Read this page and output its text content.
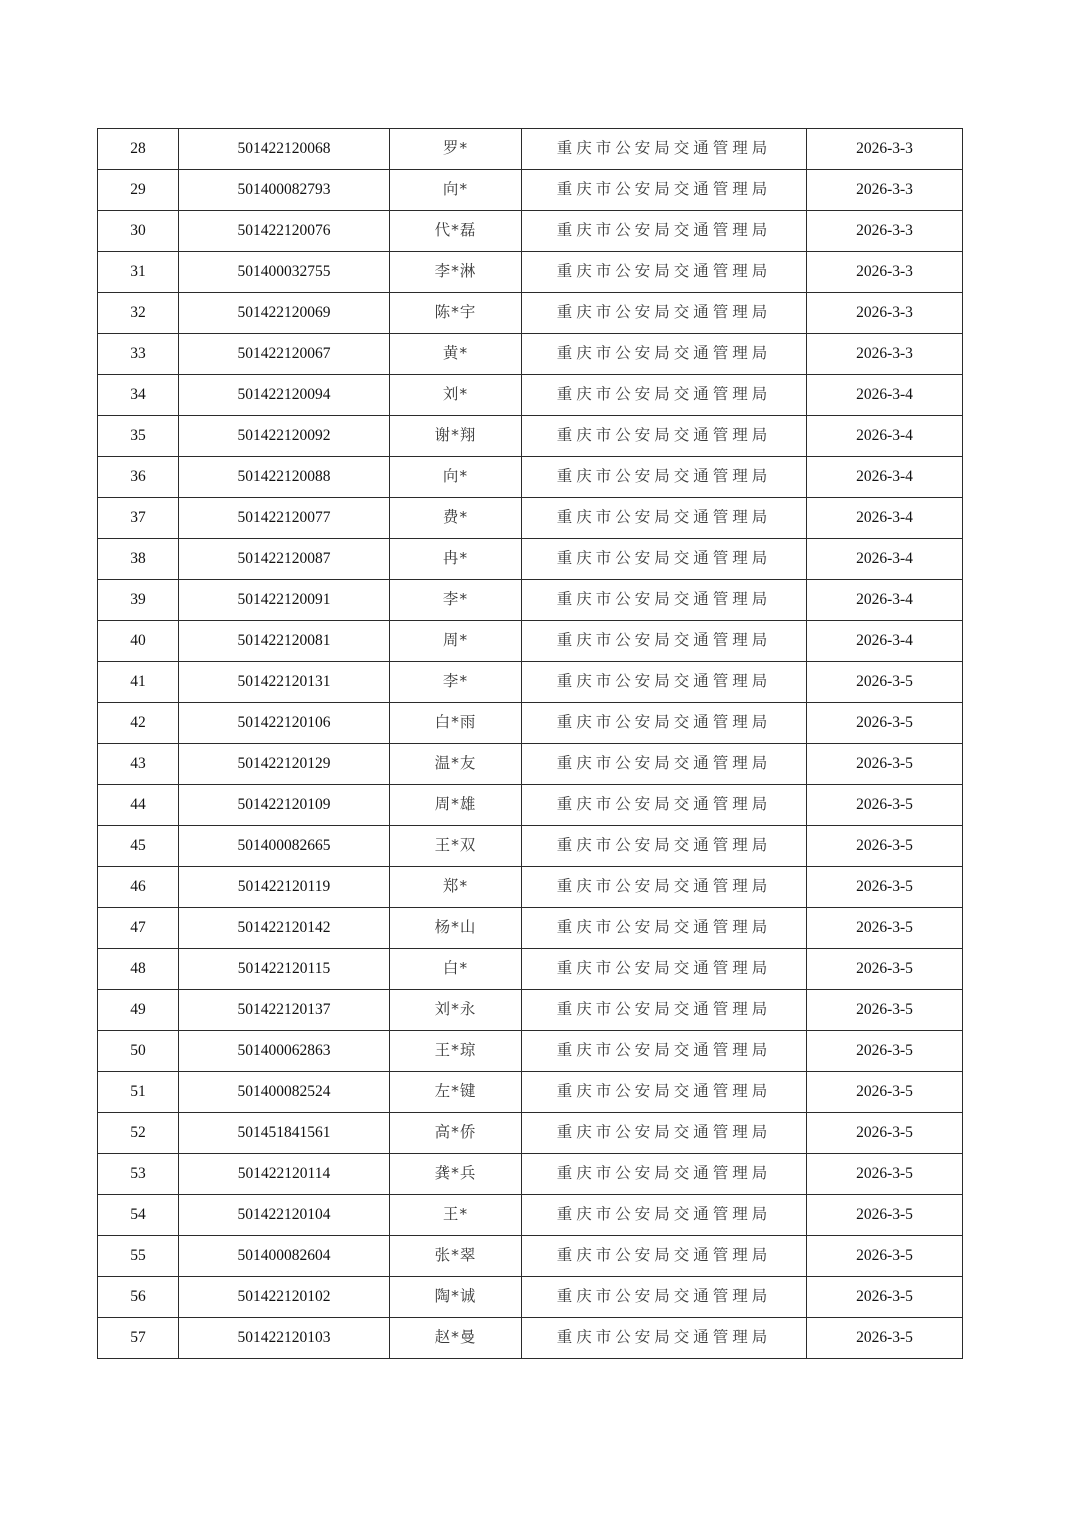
28	501422120068	罗*	重庆市公安局交通管理局	2026-3-3
29	501400082793	向*	重庆市公安局交通管理局	2026-3-3
30	501422120076	代*磊	重庆市公安局交通管理局	2026-3-3
31	501400032755	李*淋	重庆市公安局交通管理局	2026-3-3
32	501422120069	陈*宇	重庆市公安局交通管理局	2026-3-3
33	501422120067	黄*	重庆市公安局交通管理局	2026-3-3
34	501422120094	刘*	重庆市公安局交通管理局	2026-3-4
35	501422120092	谢*翔	重庆市公安局交通管理局	2026-3-4
36	501422120088	向*	重庆市公安局交通管理局	2026-3-4
37	501422120077	费*	重庆市公安局交通管理局	2026-3-4
38	501422120087	冉*	重庆市公安局交通管理局	2026-3-4
39	501422120091	李*	重庆市公安局交通管理局	2026-3-4
40	501422120081	周*	重庆市公安局交通管理局	2026-3-4
41	501422120131	李*	重庆市公安局交通管理局	2026-3-5
42	501422120106	白*雨	重庆市公安局交通管理局	2026-3-5
43	501422120129	温*友	重庆市公安局交通管理局	2026-3-5
44	501422120109	周*雄	重庆市公安局交通管理局	2026-3-5
45	501400082665	王*双	重庆市公安局交通管理局	2026-3-5
46	501422120119	郑*	重庆市公安局交通管理局	2026-3-5
47	501422120142	杨*山	重庆市公安局交通管理局	2026-3-5
48	501422120115	白*	重庆市公安局交通管理局	2026-3-5
49	501422120137	刘*永	重庆市公安局交通管理局	2026-3-5
50	501400062863	王*琼	重庆市公安局交通管理局	2026-3-5
51	501400082524	左*键	重庆市公安局交通管理局	2026-3-5
52	501451841561	高*侨	重庆市公安局交通管理局	2026-3-5
53	501422120114	龚*兵	重庆市公安局交通管理局	2026-3-5
54	501422120104	王*	重庆市公安局交通管理局	2026-3-5
55	501400082604	张*翠	重庆市公安局交通管理局	2026-3-5
56	501422120102	陶*诚	重庆市公安局交通管理局	2026-3-5
57	501422120103	赵*曼	重庆市公安局交通管理局	2026-3-5
